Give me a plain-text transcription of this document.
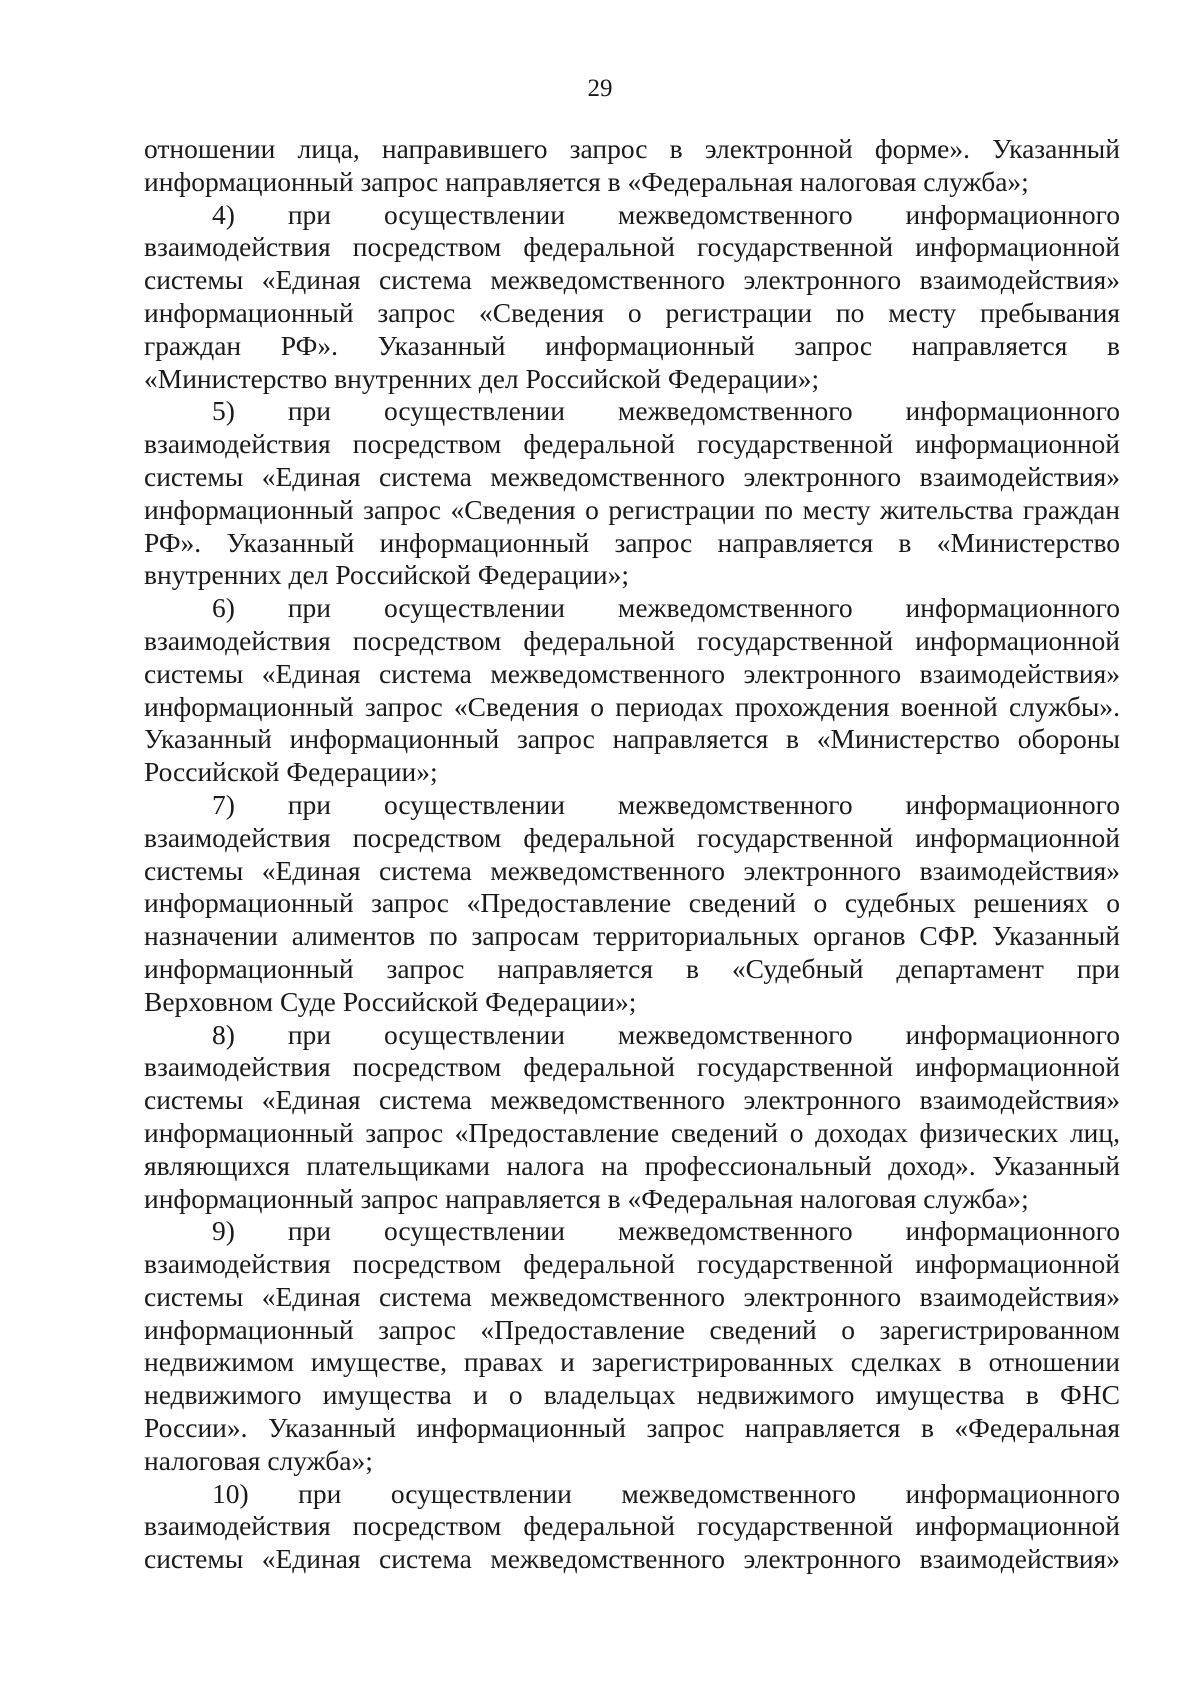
29
отношении лица, направившего запрос в электронной форме». Указанный
информационный запрос направляется в «Федеральная налоговая служба»;
4) при осуществлении межведомственного информационного
взаимодействия посредством федеральной государственной информационной
системы «Единая система межведомственного электронного взаимодействия»
информационный запрос «Сведения о регистрации по месту пребывания
граждан РФ». Указанный информационный запрос направляется в
«Министерство внутренних дел Российской Федерации»;
5) при осуществлении межведомственного информационного
взаимодействия посредством федеральной государственной информационной
системы «Единая система межведомственного электронного взаимодействия»
информационный запрос «Сведения о регистрации по месту жительства граждан
РФ». Указанный информационный запрос направляется в «Министерство
внутренних дел Российской Федерации»;
6) при осуществлении межведомственного информационного
взаимодействия посредством федеральной государственной информационной
системы «Единая система межведомственного электронного взаимодействия»
информационный запрос «Сведения о периодах прохождения военной службы».
Указанный информационный запрос направляется в «Министерство обороны
Российской Федерации»;
7) при осуществлении межведомственного информационного
взаимодействия посредством федеральной государственной информационной
системы «Единая система межведомственного электронного взаимодействия»
информационный запрос «Предоставление сведений о судебных решениях о
назначении алиментов по запросам территориальных органов СФР. Указанный
информационный запрос направляется в «Судебный департамент при
Верховном Суде Российской Федерации»;
8) при осуществлении межведомственного информационного
взаимодействия посредством федеральной государственной информационной
системы «Единая система межведомственного электронного взаимодействия»
информационный запрос «Предоставление сведений о доходах физических лиц,
являющихся плательщиками налога на профессиональный доход». Указанный
информационный запрос направляется в «Федеральная налоговая служба»;
9) при осуществлении межведомственного информационного
взаимодействия посредством федеральной государственной информационной
системы «Единая система межведомственного электронного взаимодействия»
информационный запрос «Предоставление сведений о зарегистрированном
недвижимом имуществе, правах и зарегистрированных сделках в отношении
недвижимого имущества и о владельцах недвижимого имущества в ФНС
России». Указанный информационный запрос направляется в «Федеральная
налоговая служба»;
10) при осуществлении межведомственного информационного
взаимодействия посредством федеральной государственной информационной
системы «Единая система межведомственного электронного взаимодействия»
